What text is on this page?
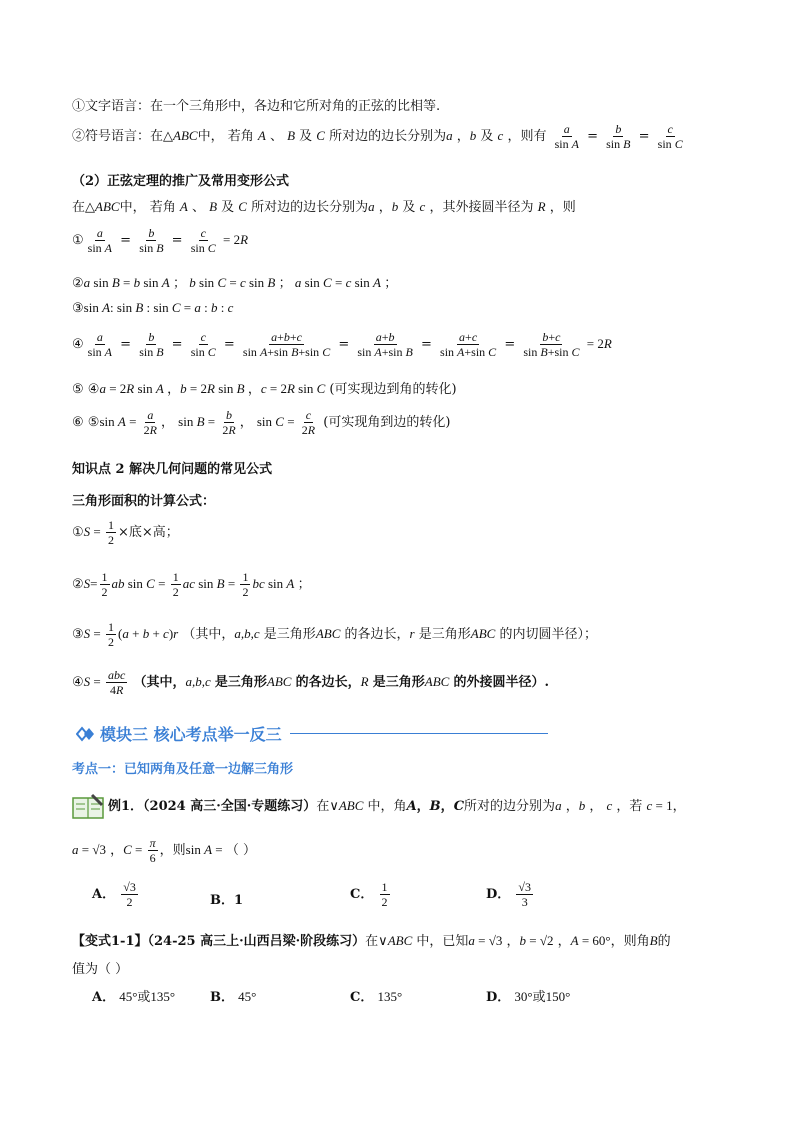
①文字语言：在一个三角形中，各边和它所对角的正弦的比相等.
②符号语言：在△ABC中， 若角 A 、 B 及 C 所对边的边长分别为a ，b 及 c ，则有 $\frac{a}{\text{sin A}} = \frac{b}{\text{sin B}} = \frac{c}{\text{sin C}}$
（2）正弦定理的推广及常用变形公式
在△ABC中， 若角 A 、 B 及 C 所对边的边长分别为a ，b 及 c ，其外接圆半径为 R ，则
① $\frac{a}{\text{sin A}} = \frac{b}{\text{sin B}} = \frac{c}{\text{sin C}} = 2R$
②a sin B = b sin A ； b sin C = c sin B ； a sin C = c sin A ；
③sin A: sin B : sin C = a : b : c
④ $\frac{a}{\text{sin A}} = \frac{b}{\text{sin B}} = \frac{c}{\text{sin C}} = \frac{a+b+c}{\text{sin A+sin B+sin C}} = \frac{a+b}{\text{sin A+sin B}} = \frac{a+c}{\text{sin A+sin C}} = \frac{b+c}{\text{sin B+sin C}} = 2R$
⑤ ④a = 2R sin A ，b = 2R sin B ，c = 2R sin C (可实现边到角的转化)
⑥ ⑤sin $A = \frac{a}{2R}$ ， $\sin B = \frac{b}{2R}$ ， $\sin C = \frac{c}{2R}$ (可实现角到边的转化)
知识点 2 解决几何问题的常见公式
三角形面积的计算公式：
①S = $\frac{1}{2}$ ×底×高；
②S= $\frac{1}{2}$ ab $\sin C = \frac{1}{2}$ ac $\sin B = \frac{1}{2}$ bc sin A ；
③S = $\frac{1}{2} (a + b + c)r$ （其中，a,b,c 是三角形ABC 的各边长，r 是三角形ABC 的内切圆半径）；
④S = $\frac{\text{abc}}{4R}$ （其中，a,b,c 是三角形ABC 的各边长，R 是三角形ABC 的外接圆半径）.
模块三 核心考点举一反三
考点一：已知两角及任意一边解三角形
例1．（2024 高三·全国·专题练习）在∨ABC 中，角A，B，C所对的边分别为a ，b ， c ，若 c = 1，
a = √3 ，$C = \frac{\pi}{6}$ ，则sin A = （ ）
A． $\frac{√3}{2}$	B．1	C． $\frac{1}{2}$	D． $\frac{√3}{3}$
【变式1-1】（24-25 高三上·山西吕梁·阶段练习）在∨ABC 中，已知a = √3 ，b = √2 ，A = 60°，则角B的
值为（ ）
A． 45°或135°	B． 45°	C． 135°	D． 30°或150°
